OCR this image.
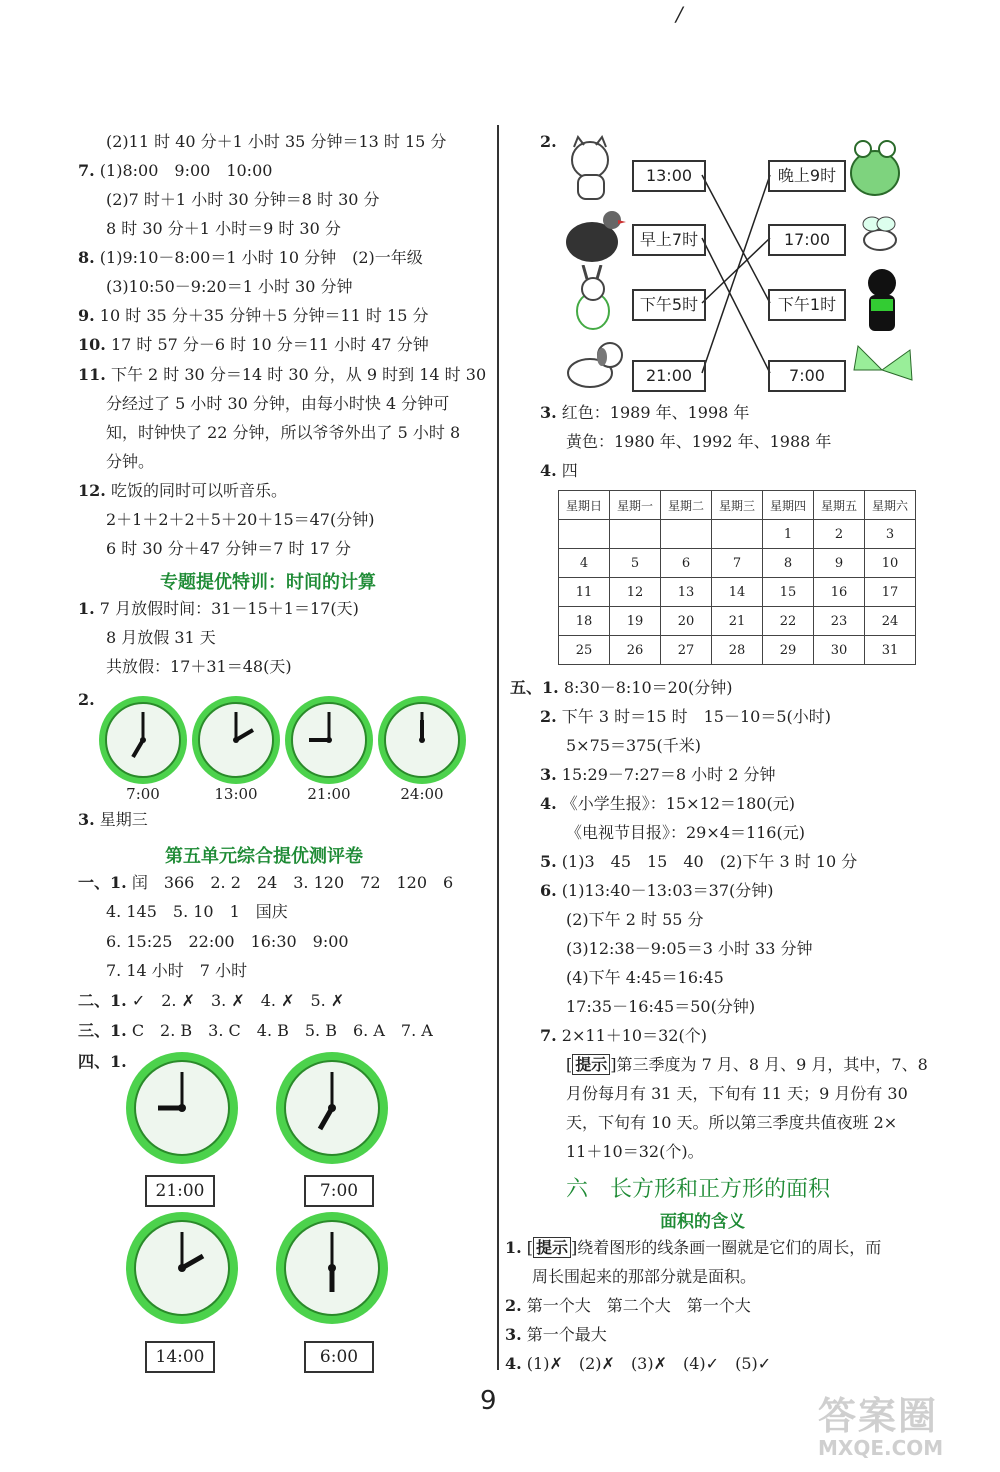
/
(2)11 时 40 分＋1 小时 35 分钟＝13 时 15 分
7. (1)8:00　9:00　10:00
(2)7 时＋1 小时 30 分钟＝8 时 30 分
8 时 30 分＋1 小时＝9 时 30 分
8. (1)9:10－8:00＝1 小时 10 分钟　(2)一年级
(3)10:50－9:20＝1 小时 30 分钟
9. 10 时 35 分＋35 分钟＋5 分钟＝11 时 15 分
10. 17 时 57 分－6 时 10 分＝11 小时 47 分钟
11. 下午 2 时 30 分＝14 时 30 分，从 9 时到 14 时 30
分经过了 5 小时 30 分钟，由每小时快 4 分钟可
知，时钟快了 22 分钟，所以爷爷外出了 5 小时 8
分钟。
12. 吃饭的同时可以听音乐。
2＋1＋2＋2＋5＋20＋15＝47(分钟)
6 时 30 分＋47 分钟＝7 时 17 分
专题提优特训：时间的计算
1. 7 月放假时间：31－15＋1＝17(天)
8 月放假 31 天
共放假：17＋31＝48(天)
2.
7:00	13:00	21:00	24:00
3. 星期三
第五单元综合提优测评卷
一、1. 闰　366　2. 2　24　3. 120　72　120　6
4. 145　5. 10　1　国庆
6. 15:25　22:00　16:30　9:00
7. 14 小时　7 小时
二、1. ✓　2. ✗　3. ✗　4. ✗　5. ✗
三、1. C　2. B　3. C　4. B　5. B　6. A　7. A
四、1.
21:00	7:00
14:00	6:00
2.
13:00
早上7时
下午5时
21:00
晚上9时
17:00
下午1时
7:00
3. 红色：1989 年、1998 年
黄色：1980 年、1992 年、1988 年
4. 四
星期日	星期一	星期二	星期三	星期四	星期五	星期六
				1	2	3
4	5	6	7	8	9	10
11	12	13	14	15	16	17
18	19	20	21	22	23	24
25	26	27	28	29	30	31
五、1. 8:30－8:10＝20(分钟)
2. 下午 3 时＝15 时　15－10＝5(小时)
5×75＝375(千米)
3. 15:29－7:27＝8 小时 2 分钟
4. 《小学生报》：15×12＝180(元)
《电视节目报》：29×4＝116(元)
5. (1)3　45　15　40　(2)下午 3 时 10 分
6. (1)13:40－13:03＝37(分钟)
(2)下午 2 时 55 分
(3)12:38－9:05＝3 小时 33 分钟
(4)下午 4:45＝16:45
17:35－16:45＝50(分钟)
7. 2×11＋10＝32(个)
[ 提示 ]第三季度为 7 月、8 月、9 月，其中，7、8
月份每月有 31 天，下旬有 11 天；9 月份有 30
天，下旬有 10 天。所以第三季度共值夜班 2×
11＋10＝32(个)。
六　长方形和正方形的面积
面积的含义
1. [ 提示 ]绕着图形的线条画一圈就是它们的周长，而
周长围起来的那部分就是面积。
2. 第一个大　第二个大　第一个大
3. 第一个最大
4. (1)✗　(2)✗　(3)✗　(4)✓　(5)✓
9	答案圈
MXQE.COM
